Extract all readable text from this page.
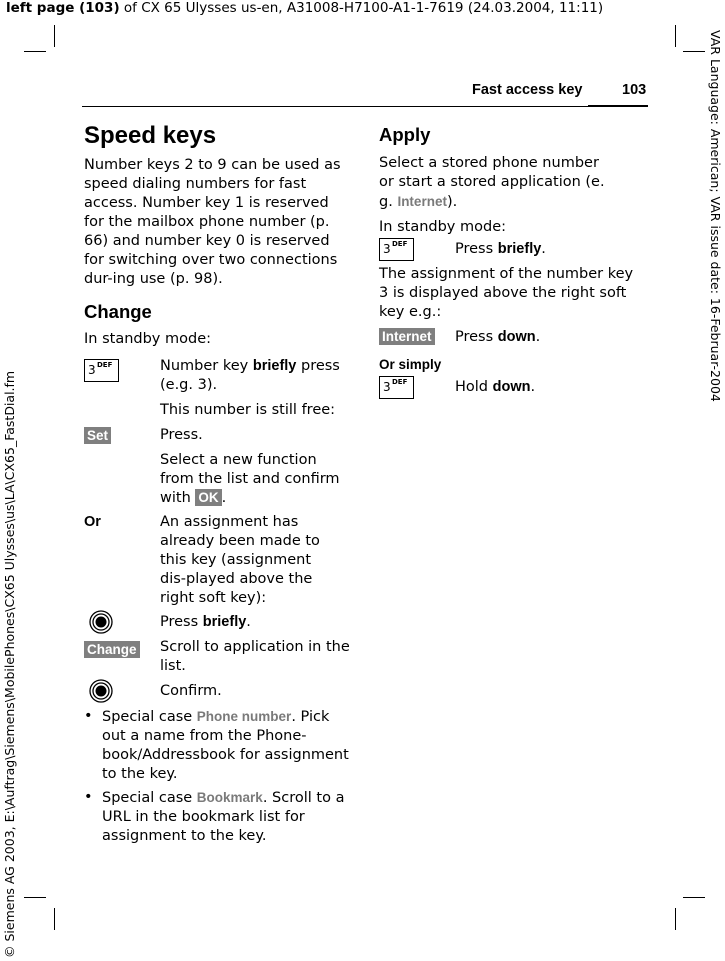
left page (103) of CX 65 Ulysses us-en, A31008-H7100-A1-1-7619 (24.03.2004, 11:11)
VAR Language: American; VAR issue date: 16-Februar-2004
© Siemens AG 2003, E:\Auftrag\Siemens\MobilePhones\CX65 Ulysses\us\LA\CX65_FastDial.fm
Fast access key	103
Speed keys

Number keys 2 to 9 can be used as speed dialing numbers for fast access. Number key 1 is reserved for the mailbox phone number (p. 66) and number key 0 is reserved for switching over two connections dur-ing use (p. 98).

Change

In standby mode:

3 DEF	Number key briefly press (e.g. 3).
This number is still free:
Set	Press.
Select a new function from the list and confirm with OK .
Or	An assignment has already been made to this key (assignment dis-played above the right soft key):
Press briefly.
Change Scroll to application in the list.
Confirm.
• Special case Phone number. Pick out a name from the Phone-book/Addressbook for assignment to the key.
• Special case Bookmark. Scroll to a URL in the bookmark list for assignment to the key.
Apply

Select a stored phone number or start a stored application (e. g. Internet).

In standby mode:

3 DEF	Press briefly.
The assignment of the number key 3 is displayed above the right soft key e.g.:
Internet Press down.
Or simply
3 DEF	Hold down.
